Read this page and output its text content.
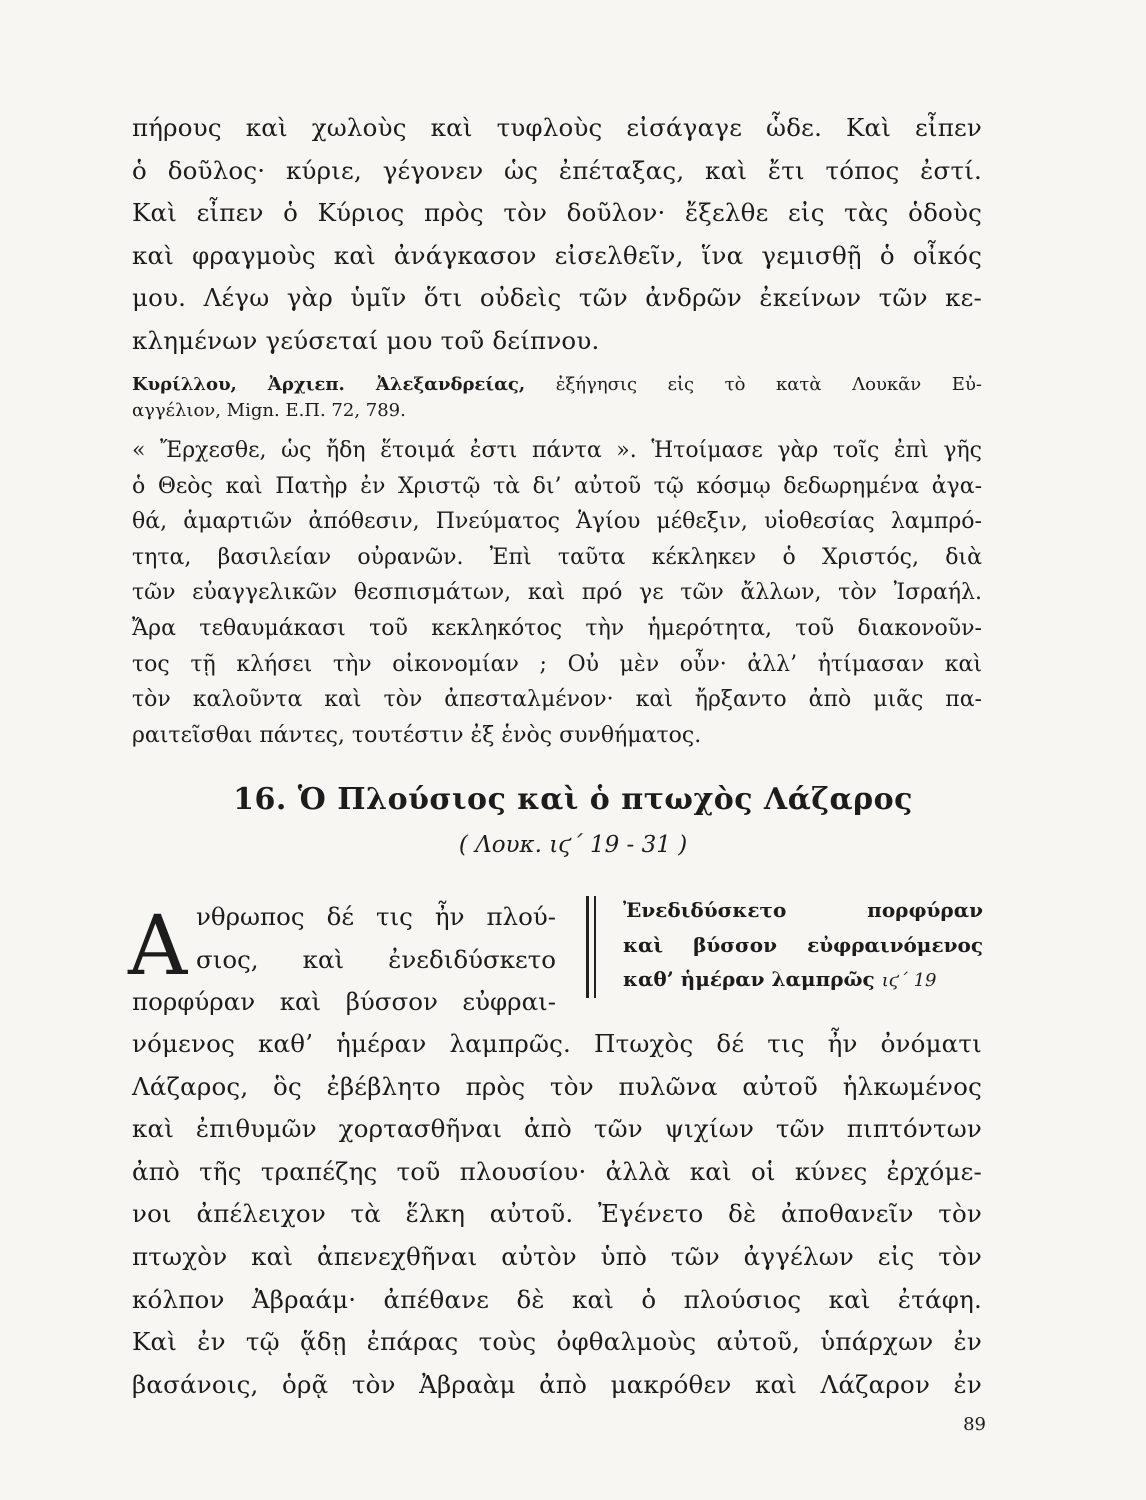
πήρους καὶ χωλοὺς καὶ τυφλοὺς εἰσάγαγε ὧδε. Καὶ εἶπεν
ὁ δοῦλος· κύριε, γέγονεν ὡς ἐπέταξας, καὶ ἔτι τόπος ἐστί.
Καὶ εἶπεν ὁ Κύριος πρὸς τὸν δοῦλον· ἔξελθε εἰς τὰς ὁδοὺς
καὶ φραγμοὺς καὶ ἀνάγκασον εἰσελθεῖν, ἵνα γεμισθῇ ὁ οἶκός
μου. Λέγω γὰρ ὑμῖν ὅτι οὐδεὶς τῶν ἀνδρῶν ἐκείνων τῶν κε-
κλημένων γεύσεταί μου τοῦ δείπνου.
Κυρίλλου, Ἀρχιεπ. Ἀλεξανδρείας, ἐξήγησις εἰς τὸ κατὰ Λουκᾶν Εὐ-
αγγέλιον, Mign. Ε.Π. 72, 789.
« Ἔρχεσθε, ὡς ἤδη ἕτοιμά ἐστι πάντα ». Ἡτοίμασε γὰρ τοῖς ἐπὶ γῆς
ὁ Θεὸς καὶ Πατὴρ ἐν Χριστῷ τὰ δι’ αὐτοῦ τῷ κόσμῳ δεδωρημένα ἀγα-
θά, ἁμαρτιῶν ἀπόθεσιν, Πνεύματος Ἁγίου μέθεξιν, υἱοθεσίας λαμπρό-
τητα, βασιλείαν οὐρανῶν. Ἐπὶ ταῦτα κέκληκεν ὁ Χριστός, διὰ
τῶν εὐαγγελικῶν θεσπισμάτων, καὶ πρό γε τῶν ἄλλων, τὸν Ἰσραήλ.
Ἄρα τεθαυμάκασι τοῦ κεκληκότος τὴν ἡμερότητα, τοῦ διακονοῦν-
τος τῇ κλήσει τὴν οἰκονομίαν ; Οὐ μὲν οὖν· ἀλλ’ ἠτίμασαν καὶ
τὸν καλοῦντα καὶ τὸν ἀπεσταλμένον· καὶ ἤρξαντο ἀπὸ μιᾶς πα-
ραιτεῖσθαι πάντες, τουτέστιν ἐξ ἑνὸς συνθήματος.
16. Ὁ Πλούσιος καὶ ὁ πτωχὸς Λάζαρος
( Λουκ. ιϛ´ 19 - 31 )
Α νθρωπος δέ τις ἦν πλού-
σιος, καὶ ἐνεδιδύσκετο
πορφύραν καὶ βύσσον εὐφραι-
Ἐνεδιδύσκετο πορφύραν
καὶ βύσσον εὐφραινόμενος
καθ’ ἡμέραν λαμπρῶς ιϛ´ 19
νόμενος καθ’ ἡμέραν λαμπρῶς. Πτωχὸς δέ τις ἦν ὀνόματι
Λάζαρος, ὃς ἐβέβλητο πρὸς τὸν πυλῶνα αὐτοῦ ἡλκωμένος
καὶ ἐπιθυμῶν χορτασθῆναι ἀπὸ τῶν ψιχίων τῶν πιπτόντων
ἀπὸ τῆς τραπέζης τοῦ πλουσίου· ἀλλὰ καὶ οἱ κύνες ἐρχόμε-
νοι ἀπέλειχον τὰ ἕλκη αὐτοῦ. Ἐγένετο δὲ ἀποθανεῖν τὸν
πτωχὸν καὶ ἀπενεχθῆναι αὐτὸν ὑπὸ τῶν ἀγγέλων εἰς τὸν
κόλπον Ἀβραάμ· ἀπέθανε δὲ καὶ ὁ πλούσιος καὶ ἐτάφη.
Καὶ ἐν τῷ ᾅδῃ ἐπάρας τοὺς ὀφθαλμοὺς αὐτοῦ, ὑπάρχων ἐν
βασάνοις, ὁρᾷ τὸν Ἀβραὰμ ἀπὸ μακρόθεν καὶ Λάζαρον ἐν
89
